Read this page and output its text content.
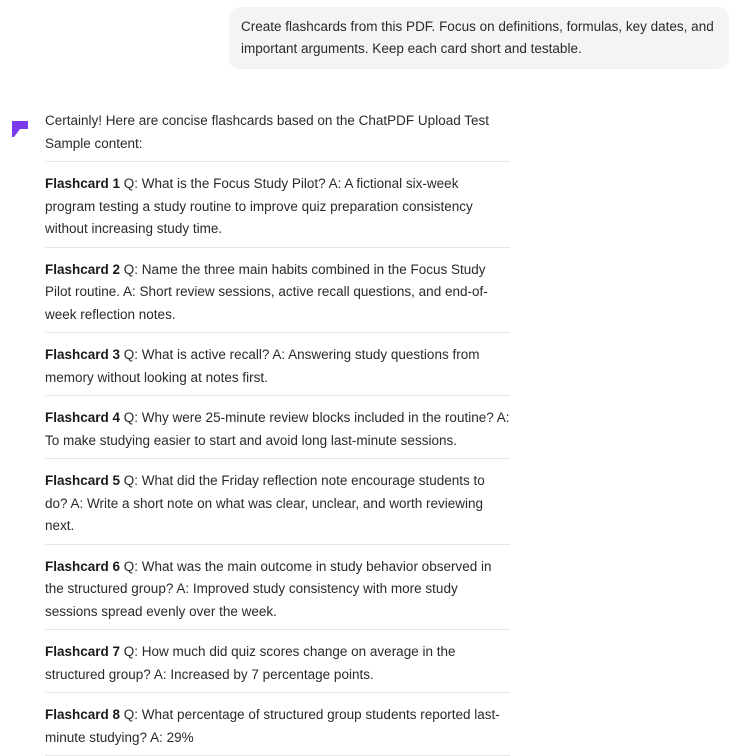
Create flashcards from this PDF. Focus on definitions, formulas, key dates, and important arguments. Keep each card short and testable.

Certainly! Here are concise flashcards based on the ChatPDF Upload Test Sample content:

Flashcard 1 Q: What is the Focus Study Pilot? A: A fictional six-week program testing a study routine to improve quiz preparation consistency without increasing study time.
Flashcard 2 Q: Name the three main habits combined in the Focus Study Pilot routine. A: Short review sessions, active recall questions, and end-of-week reflection notes.
Flashcard 3 Q: What is active recall? A: Answering study questions from memory without looking at notes first.
Flashcard 4 Q: Why were 25-minute review blocks included in the routine? A: To make studying easier to start and avoid long last-minute sessions.
Flashcard 5 Q: What did the Friday reflection note encourage students to do? A: Write a short note on what was clear, unclear, and worth reviewing next.
Flashcard 6 Q: What was the main outcome in study behavior observed in the structured group? A: Improved study consistency with more study sessions spread evenly over the week.
Flashcard 7 Q: How much did quiz scores change on average in the structured group? A: Increased by 7 percentage points.
Flashcard 8 Q: What percentage of structured group students reported last-minute studying? A: 29%
